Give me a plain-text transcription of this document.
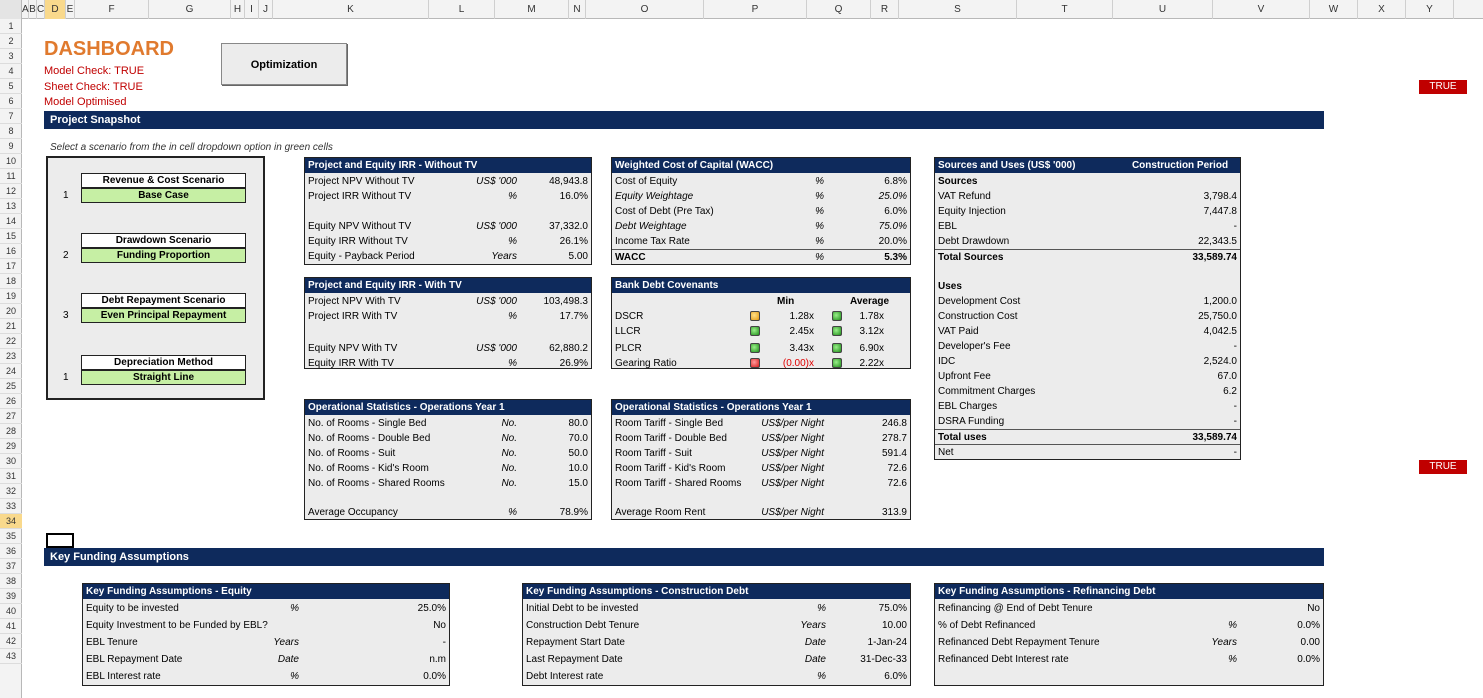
A B C D E	F	G	H I	J	K	L	M	N	O	P	Q	R	S	T	U	V	W	X	Y
1
2
3
4
5
6
7
8
9
10
11
12
13
14
15
16
17
18
19
20
21
22
23
24
25
26
27
28
29
30
31
32
33
34
35
36
37
38
39
40
41
42
43
DASHBOARD
Model Check: TRUE
Sheet Check: TRUE
Model Optimised
Optimization
TRUE
TRUE
Project Snapshot
Select a scenario from the in cell dropdown option in green cells
1
Revenue & Cost Scenario
Base Case
2
Drawdown Scenario
Funding Proportion
3
Debt Repayment Scenario
Even Principal Repayment
1
Depreciation Method
Straight Line
Project and Equity IRR - Without TV
Project NPV Without TV	US$ '000	48,943.8
Project IRR Without TV	%	16.0%
Equity NPV Without TV	US$ '000	37,332.0
Equity IRR Without TV	%	26.1%
Equity - Payback Period	Years	5.00
Project and Equity IRR - With TV
Project NPV With TV	US$ '000	103,498.3
Project IRR With TV	%	17.7%
Equity NPV With TV	US$ '000	62,880.2
Equity IRR With TV	%	26.9%
Weighted Cost of Capital (WACC)
Cost of Equity	%	6.8%
Equity Weightage	%	25.0%
Cost of Debt (Pre Tax)	%	6.0%
Debt Weightage	%	75.0%
Income Tax Rate	%	20.0%
WACC	%	5.3%
Bank Debt Covenants
Min	Average
DSCR	1.28x	1.78x
LLCR	2.45x	3.12x
PLCR	3.43x	6.90x
Gearing Ratio	(0.00)x	2.22x
Sources and Uses (US$ '000)	Construction Period
Sources
VAT Refund	3,798.4
Equity Injection	7,447.8
EBL	-
Debt Drawdown	22,343.5
Total Sources	33,589.74
Uses
Development Cost	1,200.0
Construction Cost	25,750.0
VAT Paid	4,042.5
Developer's Fee	-
IDC	2,524.0
Upfront Fee	67.0
Commitment Charges	6.2
EBL Charges	-
DSRA Funding	-
Total uses	33,589.74
Net	-
Operational Statistics - Operations Year 1
No. of Rooms - Single Bed	No.	80.0
No. of Rooms - Double Bed	No.	70.0
No. of Rooms - Suit	No.	50.0
No. of Rooms - Kid's Room	No.	10.0
No. of Rooms - Shared Rooms	No.	15.0
Average Occupancy	%	78.9%
Operational Statistics - Operations Year 1
Room Tariff - Single Bed	US$/per Night	246.8
Room Tariff - Double Bed	US$/per Night	278.7
Room Tariff - Suit	US$/per Night	591.4
Room Tariff - Kid's Room	US$/per Night	72.6
Room Tariff - Shared Rooms US$/per Night	72.6
Average Room Rent	US$/per Night	313.9
Key Funding Assumptions
Key Funding Assumptions - Equity
Equity to be invested	%	25.0%
Equity Investment to be Funded by EBL?	No
EBL Tenure	Years	-
EBL Repayment Date	Date	n.m
EBL Interest rate	%	0.0%
Key Funding Assumptions - Construction Debt
Initial Debt to be invested	%	75.0%
Construction Debt Tenure	Years	10.00
Repayment Start Date	Date	1-Jan-24
Last Repayment Date	Date	31-Dec-33
Debt Interest rate	%	6.0%
Key Funding Assumptions - Refinancing Debt
Refinancing @ End of Debt Tenure	No
% of Debt Refinanced	%	0.0%
Refinanced Debt Repayment Tenure	Years	0.00
Refinanced Debt Interest rate	%	0.0%
